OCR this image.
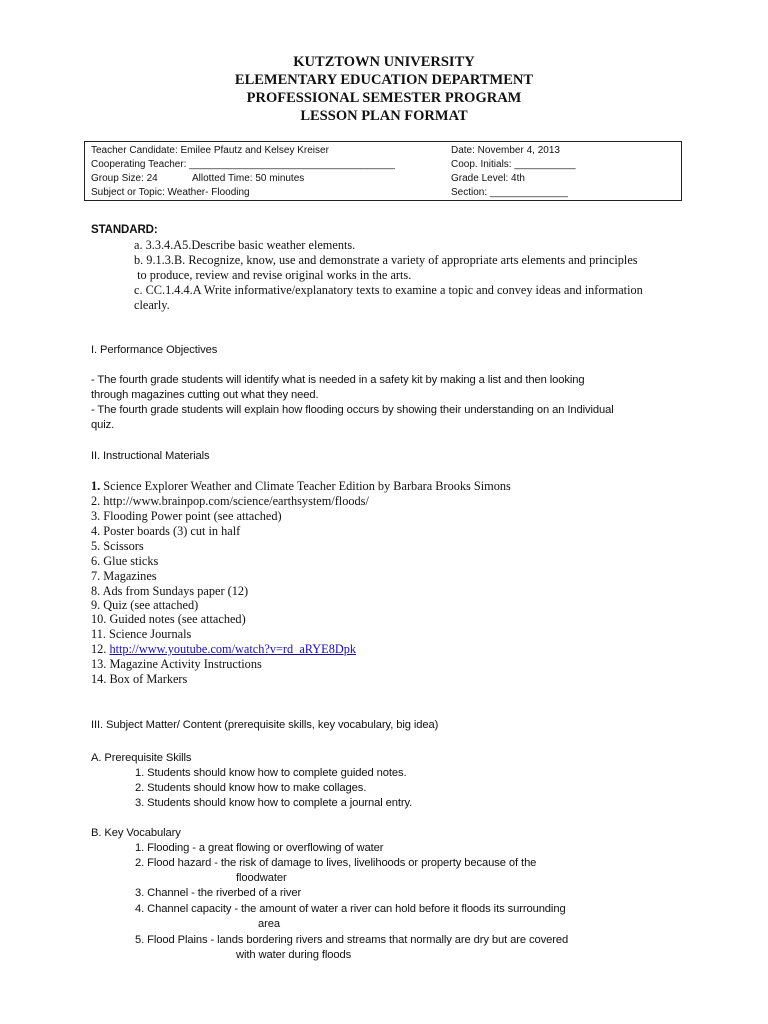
KUTZTOWN UNIVERSITY
ELEMENTARY EDUCATION DEPARTMENT
PROFESSIONAL SEMESTER PROGRAM
LESSON PLAN FORMAT
Teacher Candidate: Emilee Pfautz and Kelsey Kreiser
Cooperating Teacher: _____________________________________
Group Size: 24	Allotted Time: 50 minutes
Subject or Topic: Weather- Flooding
Date: November 4, 2013
Coop. Initials: ___________
Grade Level: 4th
Section: ______________
STANDARD:
a. 3.3.4.A5.Describe basic weather elements.
b. 9.1.3.B. Recognize, know, use and demonstrate a variety of appropriate arts elements and principles
to produce, review and revise original works in the arts.
c. CC.1.4.4.A Write informative/explanatory texts to examine a topic and convey ideas and information
clearly.
I. Performance Objectives
- The fourth grade students will identify what is needed in a safety kit by making a list and then looking
through magazines cutting out what they need.
- The fourth grade students will explain how flooding occurs by showing their understanding on an Individual
quiz.
II. Instructional Materials
1. Science Explorer Weather and Climate Teacher Edition by Barbara Brooks Simons
2. http://www.brainpop.com/science/earthsystem/floods/
3. Flooding Power point (see attached)
4. Poster boards (3) cut in half
5. Scissors
6. Glue sticks
7. Magazines
8. Ads from Sundays paper (12)
9. Quiz (see attached)
10. Guided notes (see attached)
11. Science Journals
12. http://www.youtube.com/watch?v=rd_aRYE8Dpk
13. Magazine Activity Instructions
14. Box of Markers
III. Subject Matter/ Content (prerequisite skills, key vocabulary, big idea)
A. Prerequisite Skills
1. Students should know how to complete guided notes.
2. Students should know how to make collages.
3. Students should know how to complete a journal entry.
B. Key Vocabulary
1. Flooding - a great flowing or overflowing of water
2. Flood hazard - the risk of damage to lives, livelihoods or property because of the
floodwater
3. Channel - the riverbed of a river
4. Channel capacity - the amount of water a river can hold before it floods its surrounding
area
5. Flood Plains - lands bordering rivers and streams that normally are dry but are covered
with water during floods
